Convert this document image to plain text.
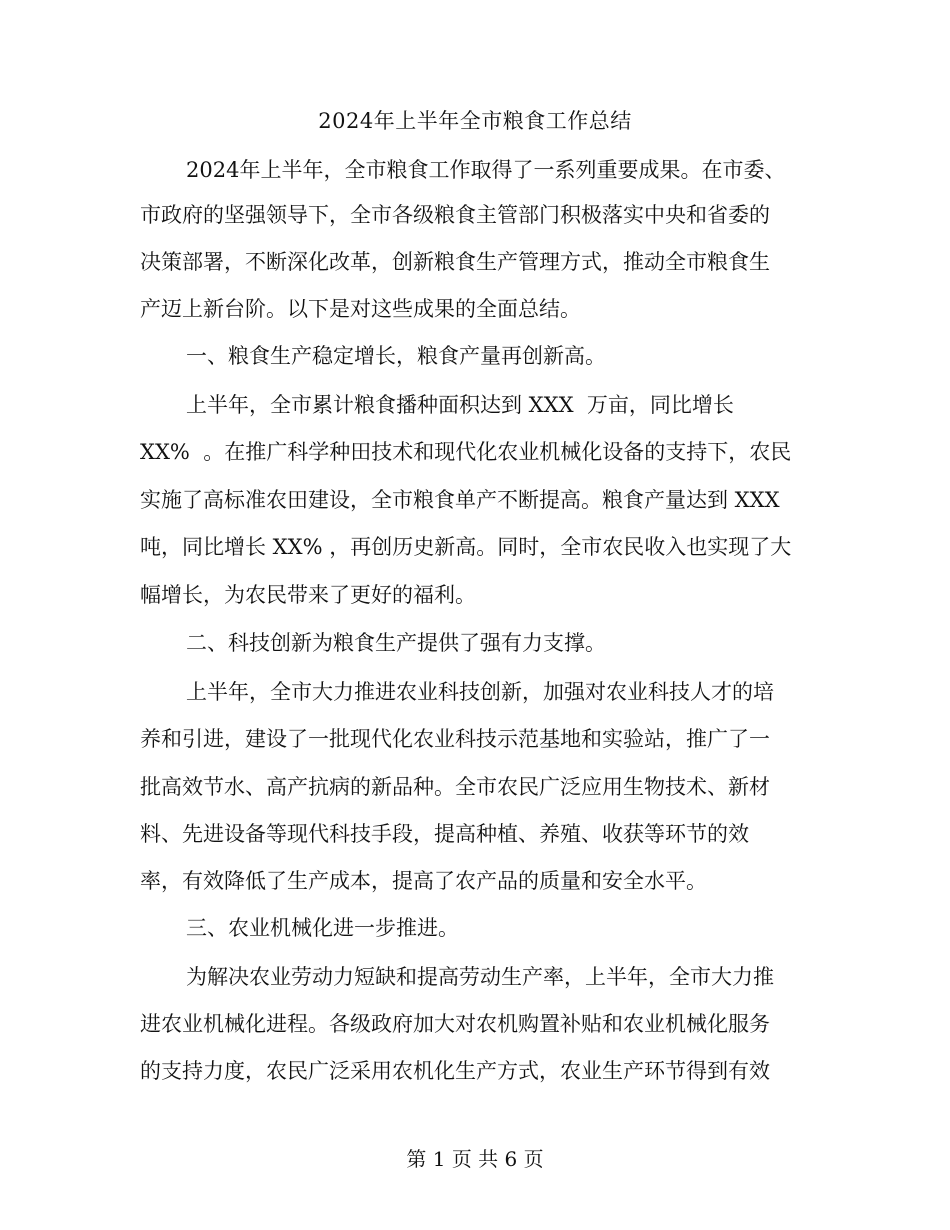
2024年上半年全市粮食工作总结
2024年上半年，全市粮食工作取得了一系列重要成果。在市委、
市政府的坚强领导下，全市各级粮食主管部门积极落实中央和省委的
决策部署，不断深化改革，创新粮食生产管理方式，推动全市粮食生
产迈上新台阶。以下是对这些成果的全面总结。
一、粮食生产稳定增长，粮食产量再创新高。
上半年，全市累计粮食播种面积达到 XXX  万亩，同比增长
XX%  。在推广科学种田技术和现代化农业机械化设备的支持下，农民
实施了高标准农田建设，全市粮食单产不断提高。粮食产量达到 XXX
吨，同比增长 XX% ，再创历史新高。同时，全市农民收入也实现了大
幅增长，为农民带来了更好的福利。
二、科技创新为粮食生产提供了强有力支撑。
上半年，全市大力推进农业科技创新，加强对农业科技人才的培
养和引进，建设了一批现代化农业科技示范基地和实验站，推广了一
批高效节水、高产抗病的新品种。全市农民广泛应用生物技术、新材
料、先进设备等现代科技手段，提高种植、养殖、收获等环节的效
率，有效降低了生产成本，提高了农产品的质量和安全水平。
三、农业机械化进一步推进。
为解决农业劳动力短缺和提高劳动生产率，上半年，全市大力推
进农业机械化进程。各级政府加大对农机购置补贴和农业机械化服务
的支持力度，农民广泛采用农机化生产方式，农业生产环节得到有效
第 1 页 共 6 页
